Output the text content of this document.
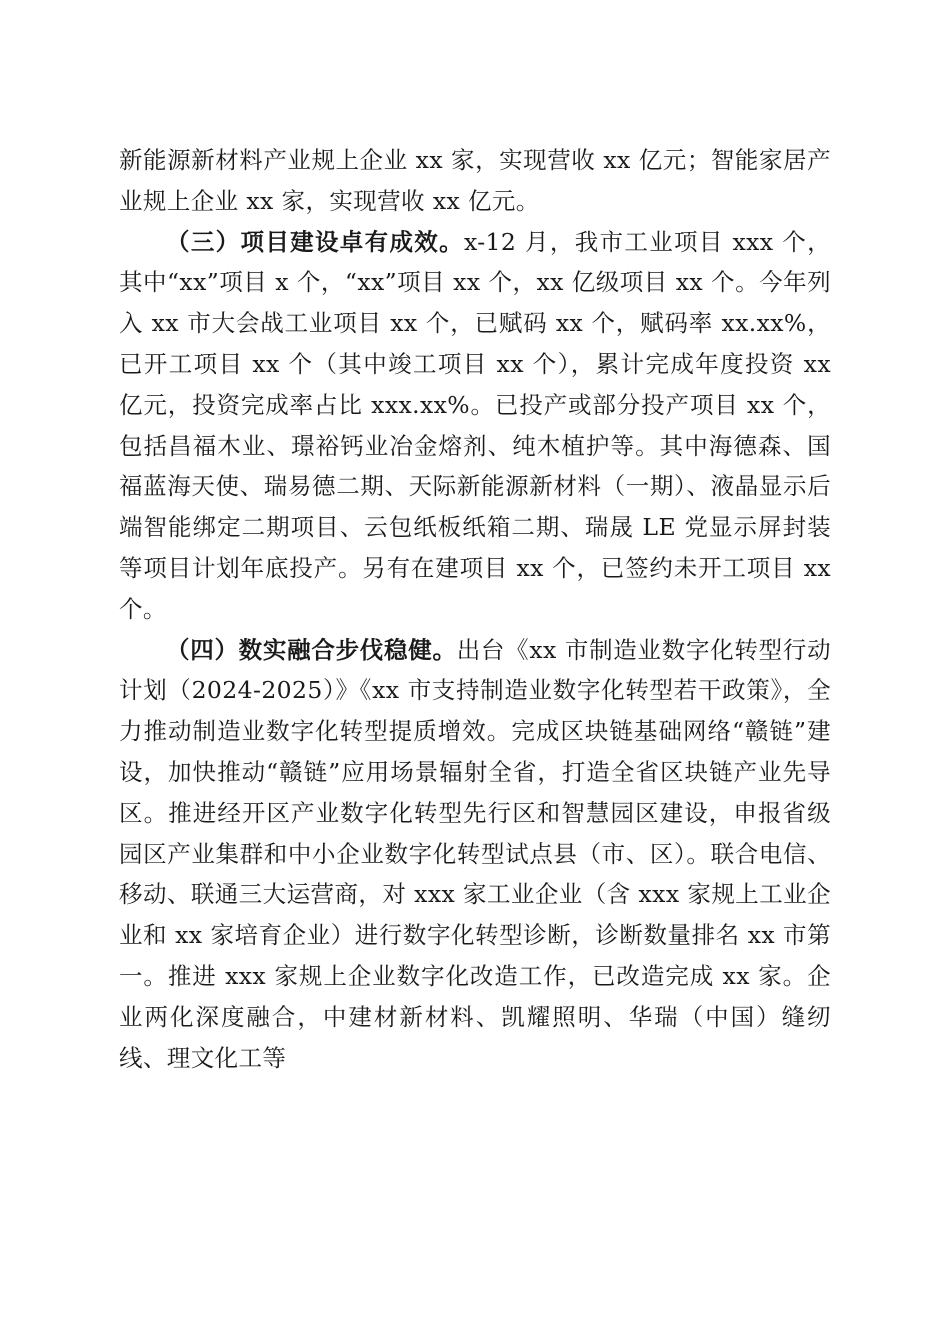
新能源新材料产业规上企业 xx 家，实现营收 xx 亿元；智能家居产业规上企业 xx 家，实现营收 xx 亿元。

（三）项目建设卓有成效。x-12 月，我市工业项目 xxx 个，其中“xx”项目 x 个，“xx”项目 xx 个，xx 亿级项目 xx 个。今年列入 xx 市大会战工业项目 xx 个，已赋码 xx 个，赋码率 xx.xx%，已开工项目 xx 个（其中竣工项目 xx 个），累计完成年度投资 xx 亿元，投资完成率占比 xxx.xx%。已投产或部分投产项目 xx 个，包括昌福木业、璟裕钙业冶金熔剂、纯木植护等。其中海德森、国福蓝海天使、瑞易德二期、天际新能源新材料（一期）、液晶显示后端智能绑定二期项目、云包纸板纸箱二期、瑞晟 LE 党显示屏封装等项目计划年底投产。另有在建项目 xx 个，已签约未开工项目 xx 个。

（四）数实融合步伐稳健。出台《xx 市制造业数字化转型行动计划（2024-2025）》《xx 市支持制造业数字化转型若干政策》，全力推动制造业数字化转型提质增效。完成区块链基础网络“赣链”建设，加快推动“赣链”应用场景辐射全省，打造全省区块链产业先导区。推进经开区产业数字化转型先行区和智慧园区建设，申报省级园区产业集群和中小企业数字化转型试点县（市、区）。联合电信、移动、联通三大运营商，对 xxx 家工业企业（含 xxx 家规上工业企业和 xx 家培育企业）进行数字化转型诊断，诊断数量排名 xx 市第一。推进 xxx 家规上企业数字化改造工作，已改造完成 xx 家。企业两化深度融合，中建材新材料、凯耀照明、华瑞（中国）缝纫线、理文化工等
